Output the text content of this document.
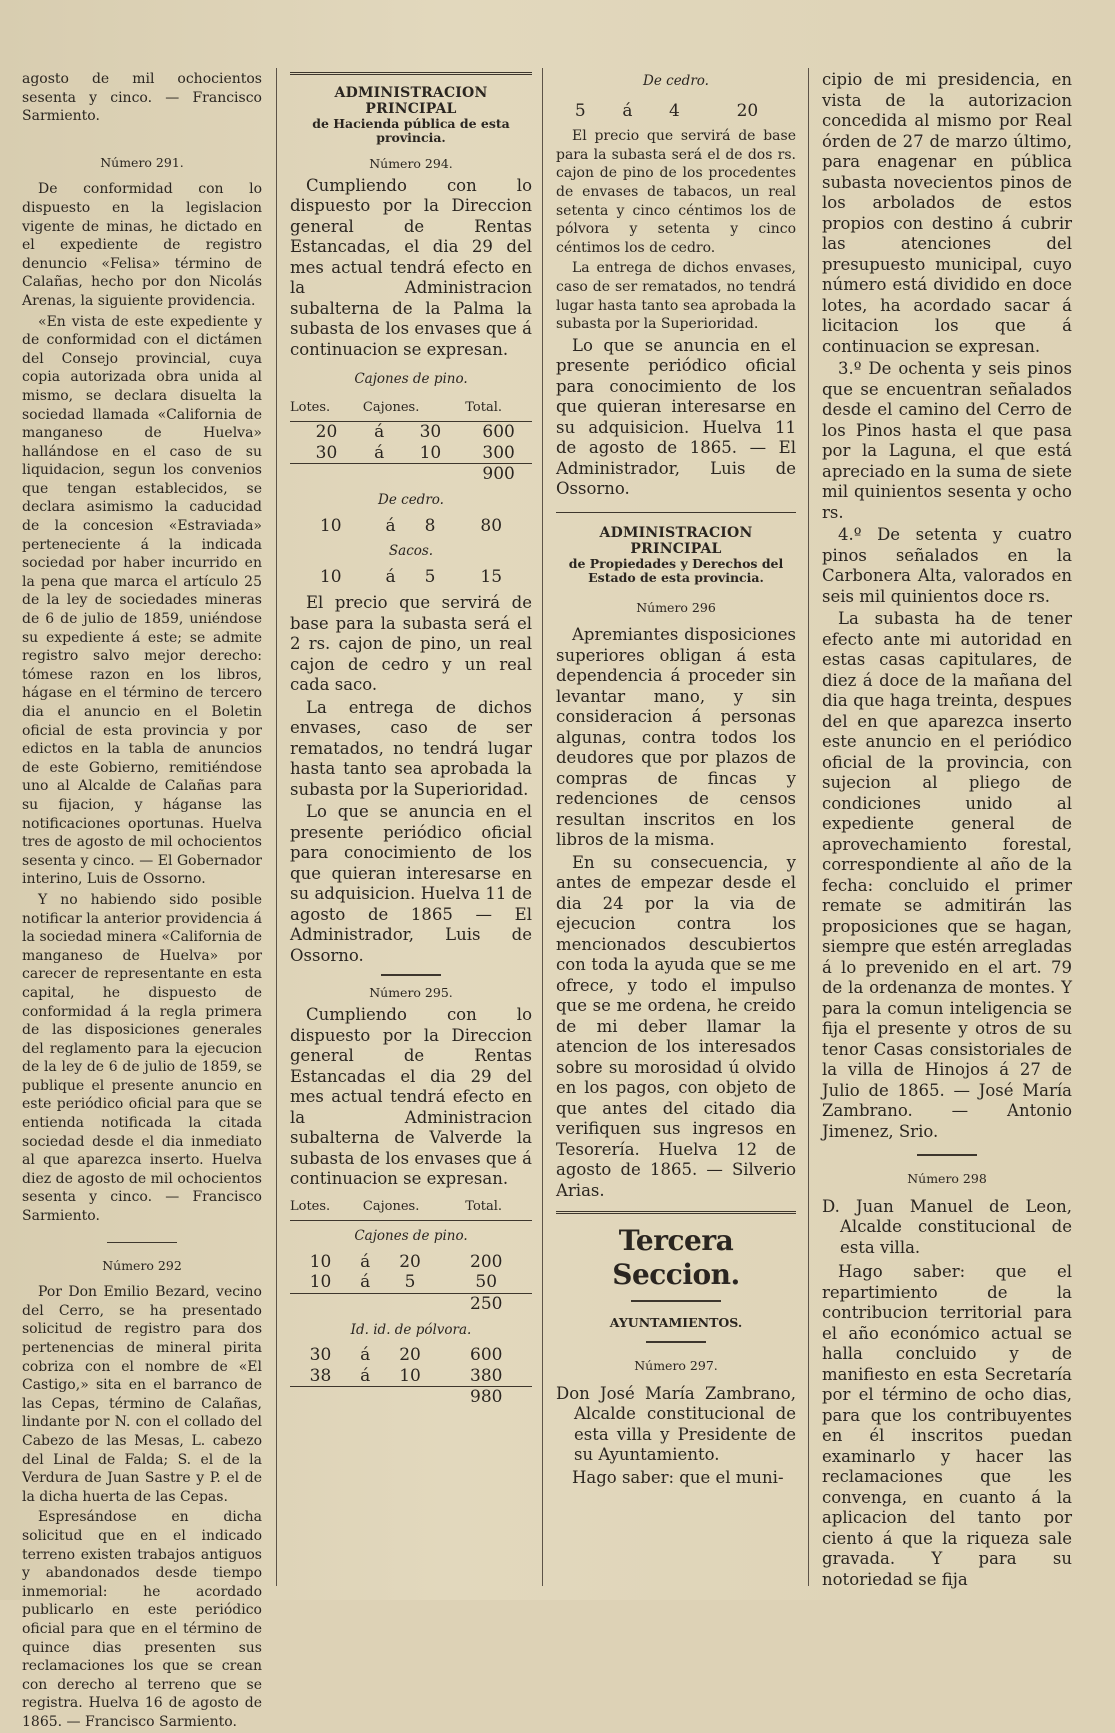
agosto de mil ochocientos sesenta y cinco. — Francisco Sarmiento.

Número 291.

De conformidad con lo dispuesto en la legislacion vigente de minas, he dictado en el expediente de registro denuncio «Felisa» término de Calañas, hecho por don Nicolás Arenas, la siguiente providencia.

«En vista de este expediente y de conformidad con el dictámen del Consejo provincial, cuya copia autorizada obra unida al mismo, se declara disuelta la sociedad llamada «California de manganeso de Huelva» hallándose en el caso de su liquidacion, segun los convenios que tengan establecidos, se declara asimismo la caducidad de la concesion «Estraviada» perteneciente á la indicada sociedad por haber incurrido en la pena que marca el artículo 25 de la ley de sociedades mineras de 6 de julio de 1859, uniéndose su expediente á este; se admite registro salvo mejor derecho: tómese razon en los libros, hágase en el término de tercero dia el anuncio en el Boletin oficial de esta provincia y por edictos en la tabla de anuncios de este Gobierno, remitiéndose uno al Alcalde de Calañas para su fijacion, y háganse las notificaciones oportunas. Huelva tres de agosto de mil ochocientos sesenta y cinco. — El Gobernador interino, Luis de Ossorno.

Y no habiendo sido posible notificar la anterior providencia á la sociedad minera «California de manganeso de Huelva» por carecer de representante en esta capital, he dispuesto de conformidad á la regla primera de las disposiciones generales del reglamento para la ejecucion de la ley de 6 de julio de 1859, se publique el presente anuncio en este periódico oficial para que se entienda notificada la citada sociedad desde el dia inmediato al que aparezca inserto. Huelva diez de agosto de mil ochocientos sesenta y cinco. — Francisco Sarmiento.

Número 292

Por Don Emilio Bezard, vecino del Cerro, se ha presentado solicitud de registro para dos pertenencias de mineral pirita cobriza con el nombre de «El Castigo,» sita en el barranco de las Cepas, término de Calañas, lindante por N. con el collado del Cabezo de las Mesas, L. cabezo del Linal de Falda; S. el de la Verdura de Juan Sastre y P. el de la dicha huerta de las Cepas.

Espresándose en dicha solicitud que en el indicado terreno existen trabajos antiguos y abandonados desde tiempo inmemorial: he acordado publicarlo en este periódico oficial para que en el término de quince dias presenten sus reclamaciones los que se crean con derecho al terreno que se registra. Huelva 16 de agosto de 1865. — Francisco Sarmiento.

ADMINISTRACION PRINCIPAL
de Hacienda pública de esta provincia.
Número 294.

Cumpliendo con lo dispuesto por la Direccion general de Rentas Estancadas, el dia 29 del mes actual tendrá efecto en la Administracion subalterna de la Palma la subasta de los envases que á continuacion se expresan.

Cajones de pino.
Lotes.	Cajones.		Total.
20	á	30	600
30	á	10	300
			900
De cedro.
10	á	8	80
Sacos.
10	á	5	15

El precio que servirá de base para la subasta será el 2 rs. cajon de pino, un real cajon de cedro y un real cada saco.

La entrega de dichos envases, caso de ser rematados, no tendrá lugar hasta tanto sea aprobada la subasta por la Superioridad.

Lo que se anuncia en el presente periódico oficial para conocimiento de los que quieran interesarse en su adquisicion. Huelva 11 de agosto de 1865 — El Administrador, Luis de Ossorno.

Número 295.

Cumpliendo con lo dispuesto por la Direccion general de Rentas Estancadas el dia 29 del mes actual tendrá efecto en la Administracion subalterna de Valverde la subasta de los envases que á continuacion se expresan.

Lotes.	Cajones.	Total.
Cajones de pino.
10	á	20	200
10	á	5	50
			250
Id. id. de pólvora.
30	á	20	600
38	á	10	380
			980
De cedro.
5	á	4	20

El precio que servirá de base para la subasta será el de dos rs. cajon de pino de los procedentes de envases de tabacos, un real setenta y cinco céntimos los de pólvora y setenta y cinco céntimos los de cedro.

La entrega de dichos envases, caso de ser rematados, no tendrá lugar hasta tanto sea aprobada la subasta por la Superioridad.

Lo que se anuncia en el presente periódico oficial para conocimiento de los que quieran interesarse en su adquisicion. Huelva 11 de agosto de 1865. — El Administrador, Luis de Ossorno.

ADMINISTRACION PRINCIPAL
de Propiedades y Derechos del Estado de esta provincia.
Número 296

Apremiantes disposiciones superiores obligan á esta dependencia á proceder sin levantar mano, y sin consideracion á personas algunas, contra todos los deudores que por plazos de compras de fincas y redenciones de censos resultan inscritos en los libros de la misma.

En su consecuencia, y antes de empezar desde el dia 24 por la via de ejecucion contra los mencionados descubiertos con toda la ayuda que se me ofrece, y todo el impulso que se me ordena, he creido de mi deber llamar la atencion de los interesados sobre su morosidad ú olvido en los pagos, con objeto de que antes del citado dia verifiquen sus ingresos en Tesorería. Huelva 12 de agosto de 1865. — Silverio Arias.

Tercera Seccion.
AYUNTAMIENTOS.
Número 297.

Don José María Zambrano, Alcalde constitucional de esta villa y Presidente de su Ayuntamiento.

Hago saber: que el muni-

cipio de mi presidencia, en vista de la autorizacion concedida al mismo por Real órden de 27 de marzo último, para enagenar en pública subasta novecientos pinos de los arbolados de estos propios con destino á cubrir las atenciones del presupuesto municipal, cuyo número está dividido en doce lotes, ha acordado sacar á licitacion los que á continuacion se expresan.

3.º De ochenta y seis pinos que se encuentran señalados desde el camino del Cerro de los Pinos hasta el que pasa por la Laguna, el que está apreciado en la suma de siete mil quinientos sesenta y ocho rs.

4.º De setenta y cuatro pinos señalados en la Carbonera Alta, valorados en seis mil quinientos doce rs.

La subasta ha de tener efecto ante mi autoridad en estas casas capitulares, de diez á doce de la mañana del dia que haga treinta, despues del en que aparezca inserto este anuncio en el periódico oficial de la provincia, con sujecion al pliego de condiciones unido al expediente general de aprovechamiento forestal, correspondiente al año de la fecha: concluido el primer remate se admitirán las proposiciones que se hagan, siempre que estén arregladas á lo prevenido en el art. 79 de la ordenanza de montes. Y para la comun inteligencia se fija el presente y otros de su tenor Casas consistoriales de la villa de Hinojos á 27 de Julio de 1865. — José María Zambrano. — Antonio Jimenez, Srio.

Número 298

D. Juan Manuel de Leon, Alcalde constitucional de esta villa.

Hago saber: que el repartimiento de la contribucion territorial para el año económico actual se halla concluido y de manifiesto en esta Secretaría por el término de ocho dias, para que los contribuyentes en él inscritos puedan examinarlo y hacer las reclamaciones que les convenga, en cuanto á la aplicacion del tanto por ciento á que la riqueza sale gravada. Y para su notoriedad se fija
